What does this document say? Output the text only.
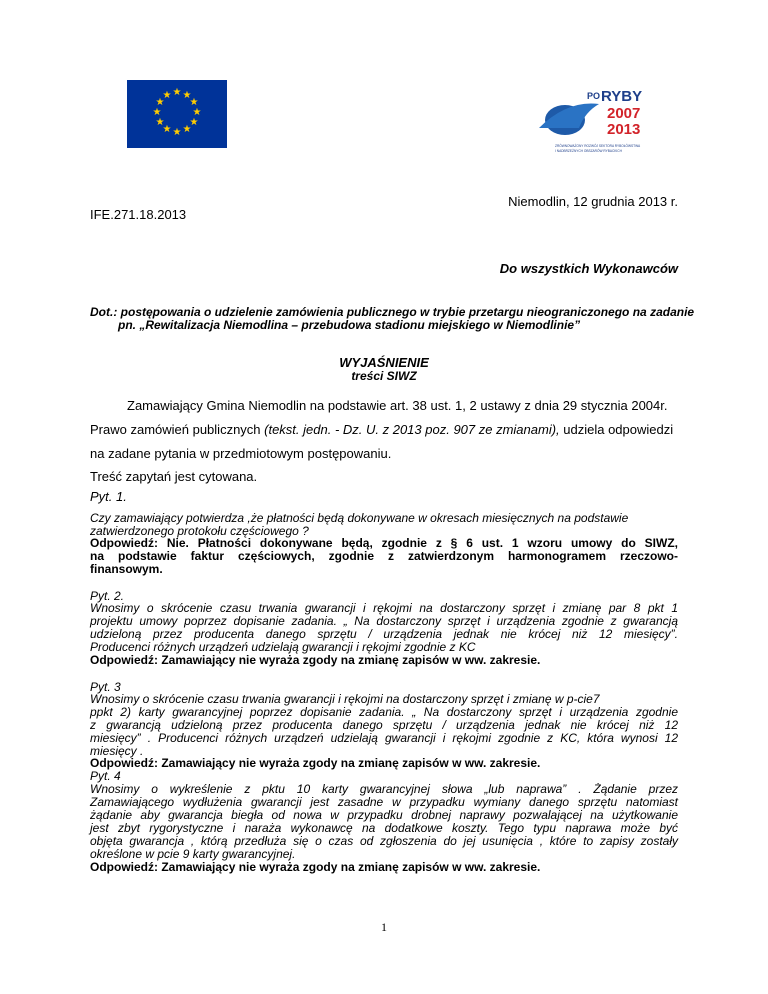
★ ★
★
★
★
★
★
★
★
★
★
★	PO RYBY
2007
2013
ZRÓWNOWAŻONY ROZWÓJ SEKTORA RYBOŁÓWSTWA
I NADBRZEŻNYCH OBSZARÓW RYBACKICH
Niemodlin, 12 grudnia 2013 r.
IFE.271.18.2013
Do wszystkich Wykonawców
Dot.: postępowania o udzielenie zamówienia publicznego w trybie przetargu nieograniczonego na zadanie
pn. „Rewitalizacja Niemodlina – przebudowa stadionu miejskiego w Niemodlinie”
WYJAŚNIENIE
treści SIWZ
Zamawiający Gmina Niemodlin na podstawie art. 38 ust. 1, 2 ustawy z dnia 29 stycznia 2004r.
Prawo zamówień publicznych (tekst. jedn. - Dz. U. z 2013 poz. 907 ze zmianami), udziela odpowiedzi
na zadane pytania w przedmiotowym postępowaniu.
Treść zapytań jest cytowana.
Pyt. 1.
Czy zamawiający potwierdza ,że płatności będą dokonywane w okresach miesięcznych na podstawie
zatwierdzonego protokołu częściowego ?
Odpowiedź: Nie. Płatności dokonywane będą, zgodnie z § 6 ust. 1 wzoru umowy do SIWZ,
na podstawie faktur częściowych, zgodnie z zatwierdzonym harmonogramem rzeczowo-
finansowym.
Pyt. 2.
Wnosimy o skrócenie czasu trwania gwarancji i rękojmi na dostarczony sprzęt i zmianę par 8 pkt 1
projektu umowy poprzez dopisanie zadania. „ Na dostarczony sprzęt i urządzenia zgodnie z gwarancją
udzieloną przez producenta danego sprzętu / urządzenia jednak nie krócej niż 12 miesięcy”.
Producenci różnych urządzeń udzielają gwarancji i rękojmi zgodnie z KC
Odpowiedź: Zamawiający nie wyraża zgody na zmianę zapisów w ww. zakresie.
Pyt. 3
Wnosimy o skrócenie czasu trwania gwarancji i rękojmi na dostarczony sprzęt i zmianę w p-cie7
ppkt 2) karty gwarancyjnej poprzez dopisanie zadania. „ Na dostarczony sprzęt i urządzenia zgodnie
z gwarancją udzieloną przez producenta danego sprzętu / urządzenia jednak nie krócej niż 12
miesięcy” . Producenci różnych urządzeń udzielają gwarancji i rękojmi zgodnie z KC, która wynosi 12
miesięcy .
Odpowiedź: Zamawiający nie wyraża zgody na zmianę zapisów w ww. zakresie.
Pyt. 4
Wnosimy o wykreślenie z pktu 10 karty gwarancyjnej słowa „lub naprawa” . Żądanie przez
Zamawiającego wydłużenia gwarancji jest zasadne w przypadku wymiany danego sprzętu natomiast
żądanie aby gwarancja biegła od nowa w przypadku drobnej naprawy pozwalającej na użytkowanie
jest zbyt rygorystyczne i naraża wykonawcę na dodatkowe koszty. Tego typu naprawa może być
objęta gwarancja , którą przedłuża się o czas od zgłoszenia do jej usunięcia , które to zapisy zostały
określone w pcie 9 karty gwarancyjnej.
Odpowiedź: Zamawiający nie wyraża zgody na zmianę zapisów w ww. zakresie.
1
